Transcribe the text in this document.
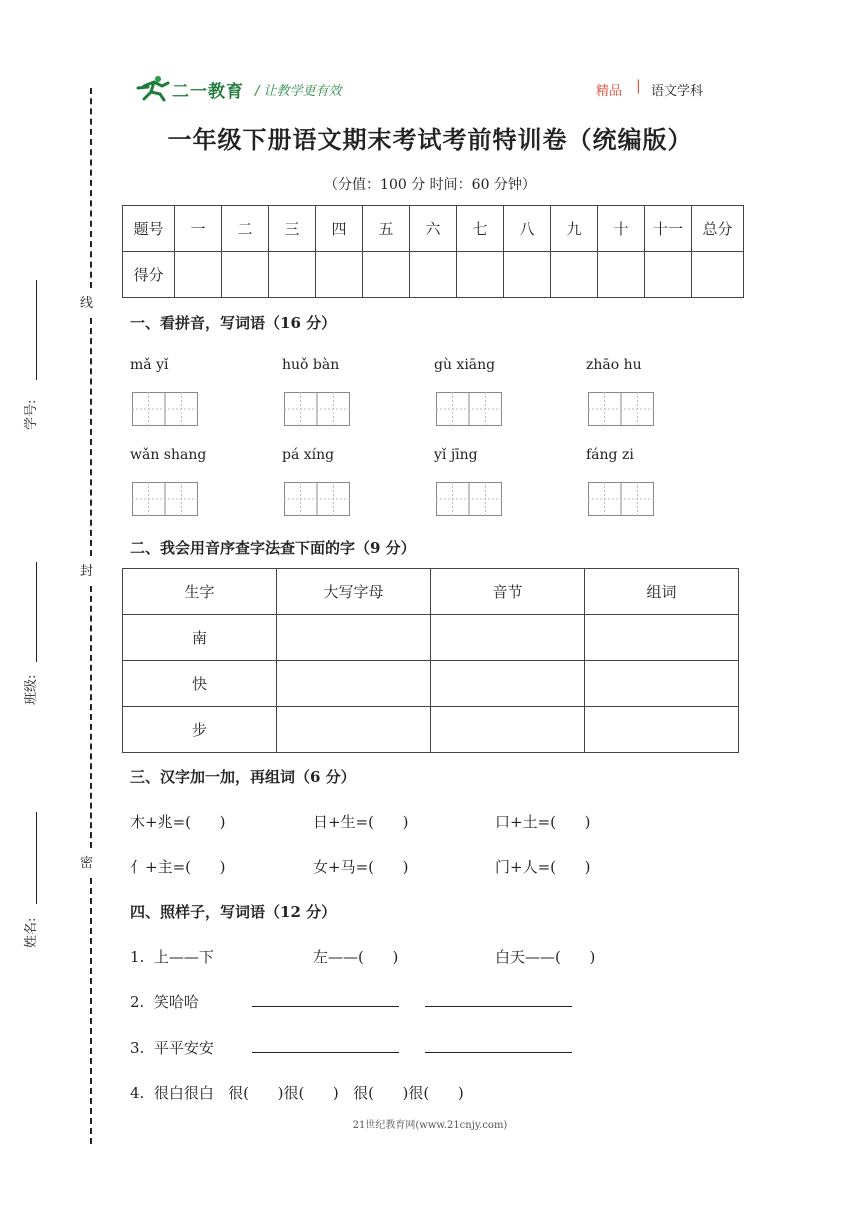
二一教育 / 让教学更有效	精品 | 语文学科
一年级下册语文期末考试考前特训卷（统编版）
（分值：100 分 时间：60 分钟）
线
封
密
学号:
班级:
姓名:
题号	一	二	三	四	五	六	七	八	九	十	十一	总分
得分												
一、看拼音，写词语（16 分）
mǎ yǐ	huǒ bàn	gù xiāng	zhāo hu
wǎn shang	pá xíng	yǐ jīng	fáng zi
二、我会用音序查字法查下面的字（9 分）
生字	大写字母	音节	组词
南			
快			
步			
三、汉字加一加，再组词（6 分）
木+兆=(      )	日+生=(      )	口+土=(      )
亻+主=(      )	女+马=(      )	门+人=(      )
四、照样子，写词语（12 分）
1.  上——下	左——(      )	白天——(      )
2.  笑哈哈
3.  平平安安
4.  很白很白   很(      )很(      )   很(      )很(      )
21世纪教育网(www.21cnjy.com)
